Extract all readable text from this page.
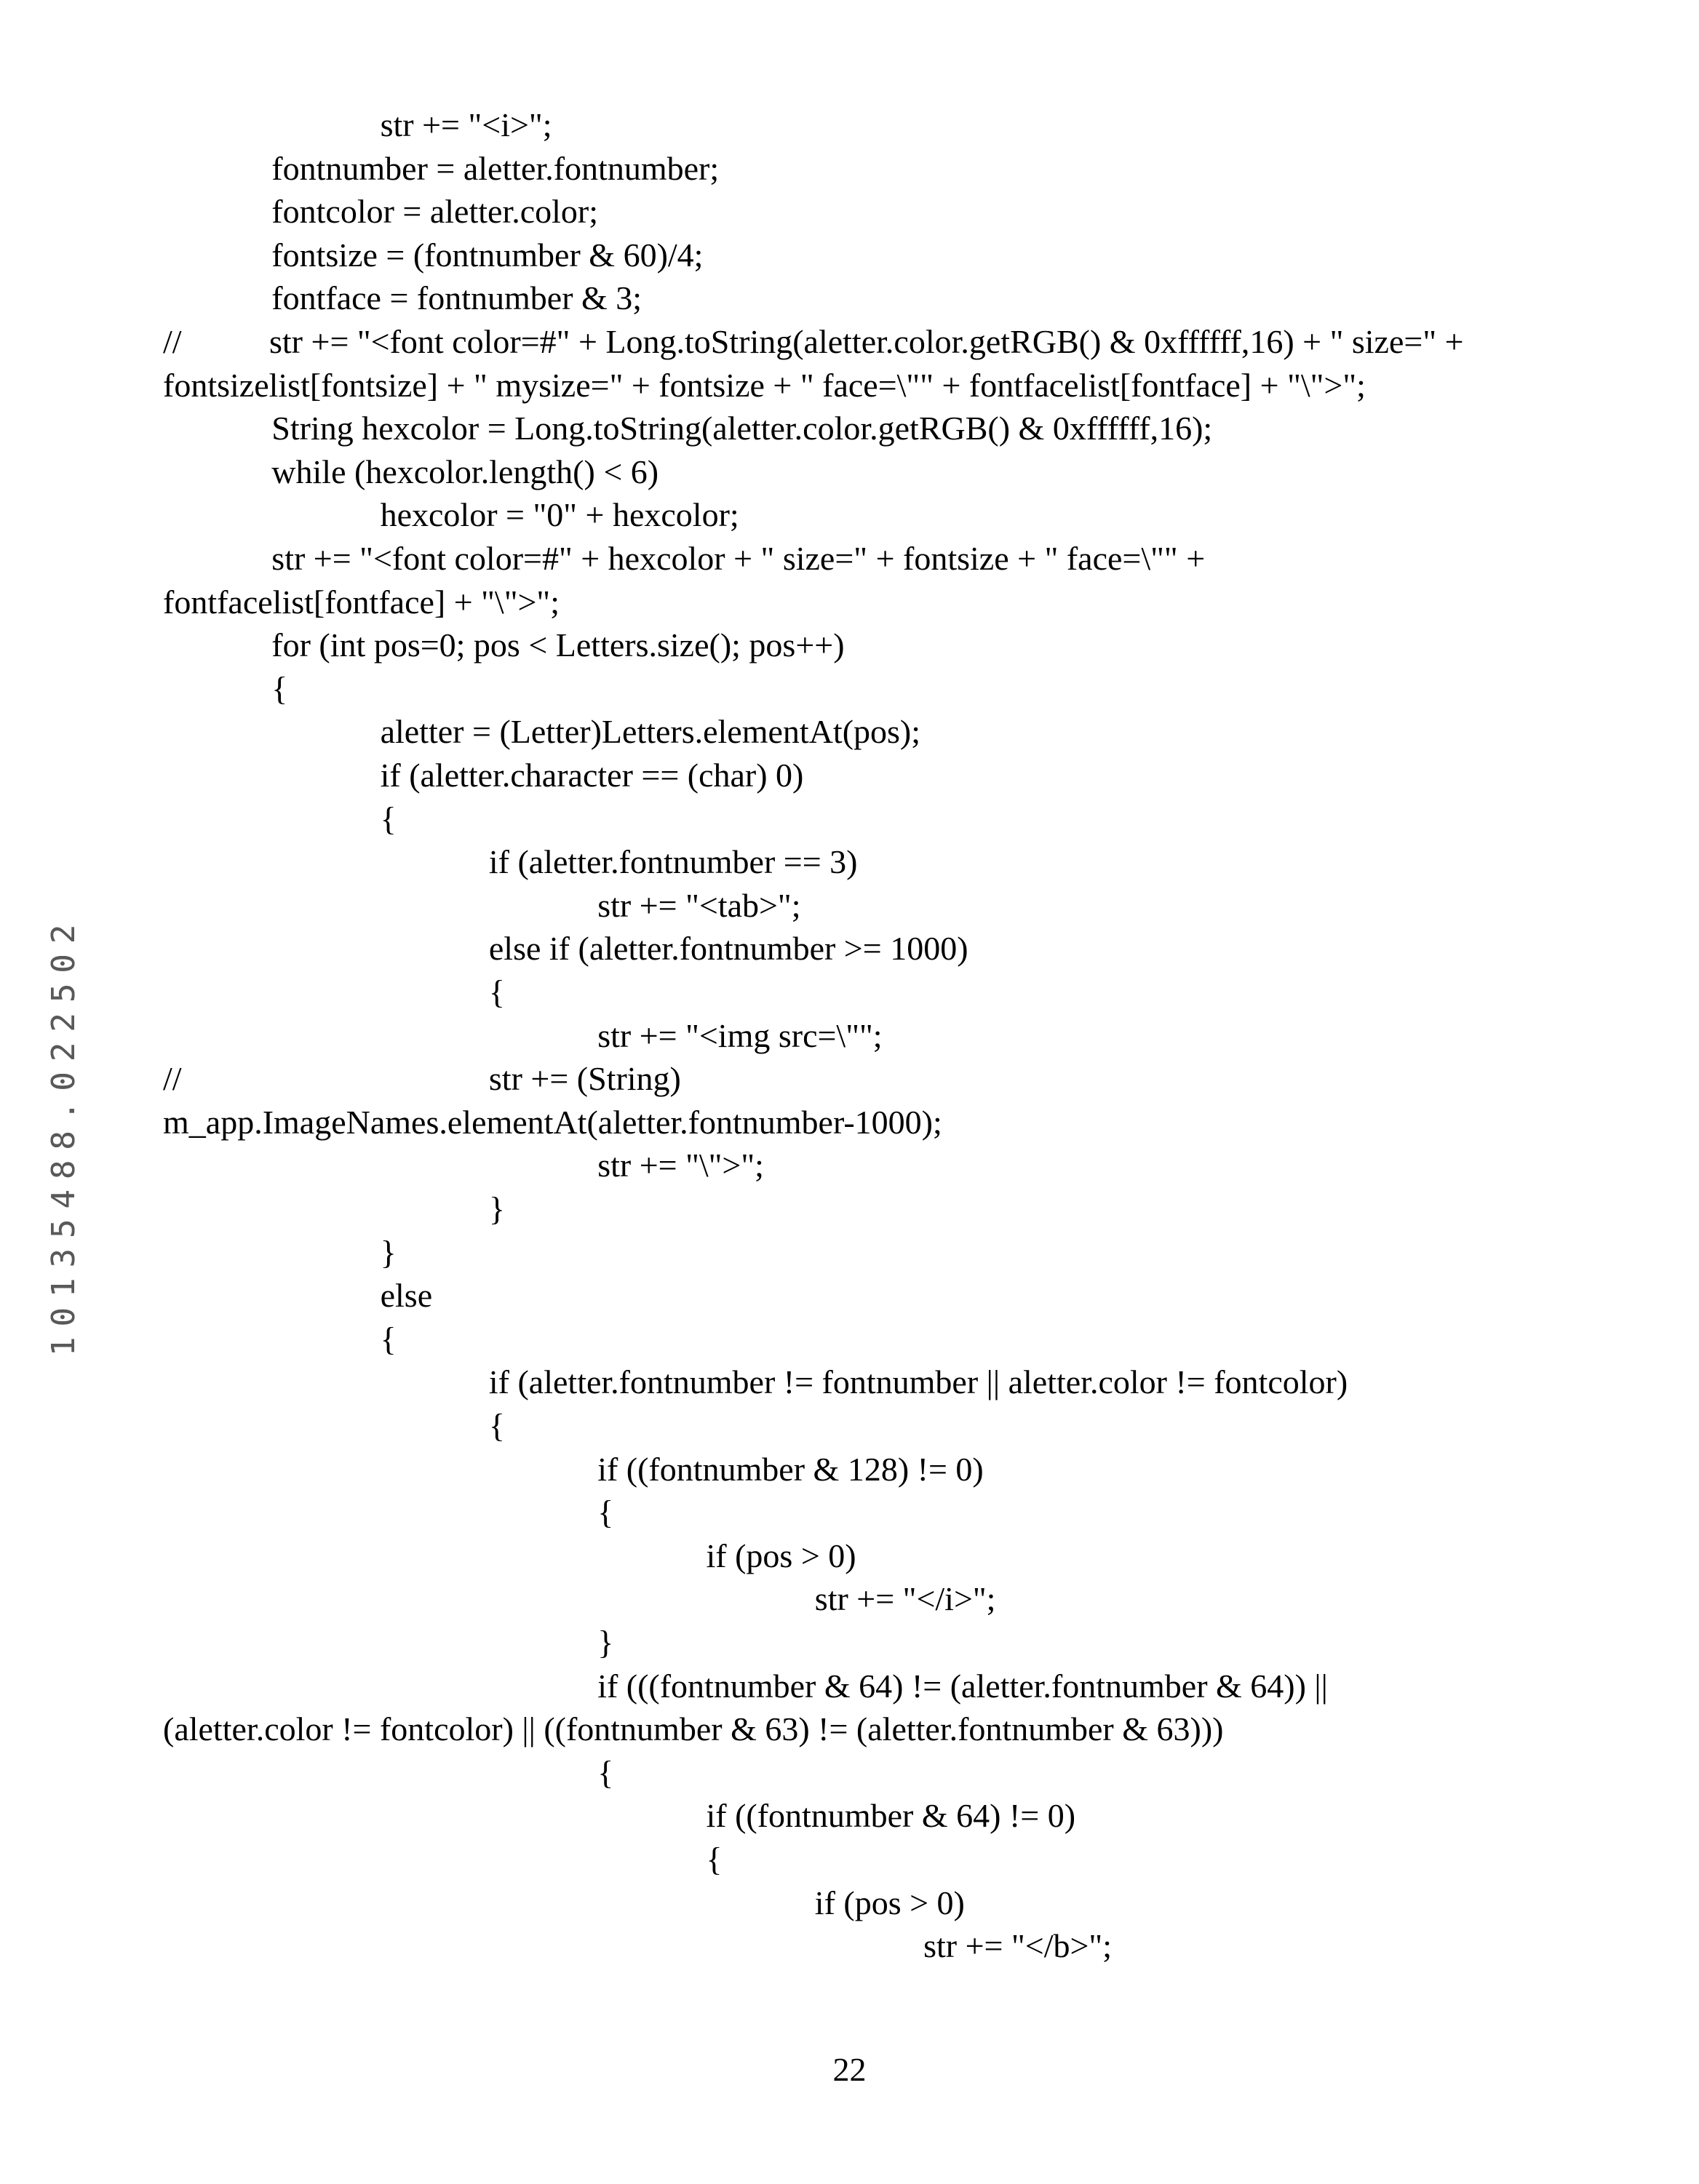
10135488.022502
str += "<i>";
fontnumber = aletter.fontnumber;
fontcolor = aletter.color;
fontsize = (fontnumber & 60)/4;
fontface = fontnumber & 3;
//	str += "<font color=#" + Long.toString(aletter.color.getRGB() & 0xffffff,16) + " size=" +
fontsizelist[fontsize] + " mysize=" + fontsize + " face=\"" + fontfacelist[fontface] + "\">";
String hexcolor = Long.toString(aletter.color.getRGB() & 0xffffff,16);
while (hexcolor.length() < 6)
hexcolor = "0" + hexcolor;
str += "<font color=#" + hexcolor + " size=" + fontsize + " face=\"" +
fontfacelist[fontface] + "\">";
for (int pos=0; pos < Letters.size(); pos++)
{
aletter = (Letter)Letters.elementAt(pos);
if (aletter.character == (char) 0)
{
if (aletter.fontnumber == 3)
str += "<tab>";
else if (aletter.fontnumber >= 1000)
{
str += "<img src=\"";
//	str += (String)
m_app.ImageNames.elementAt(aletter.fontnumber-1000);
str += "\">";
}
}
else
{
if (aletter.fontnumber != fontnumber || aletter.color != fontcolor)
{
if ((fontnumber & 128) != 0)
{
if (pos > 0)
str += "</i>";
}
if (((fontnumber & 64) != (aletter.fontnumber & 64)) ||
(aletter.color != fontcolor) || ((fontnumber & 63) != (aletter.fontnumber & 63)))
{
if ((fontnumber & 64) != 0)
{
if (pos > 0)
str += "</b>";
22
